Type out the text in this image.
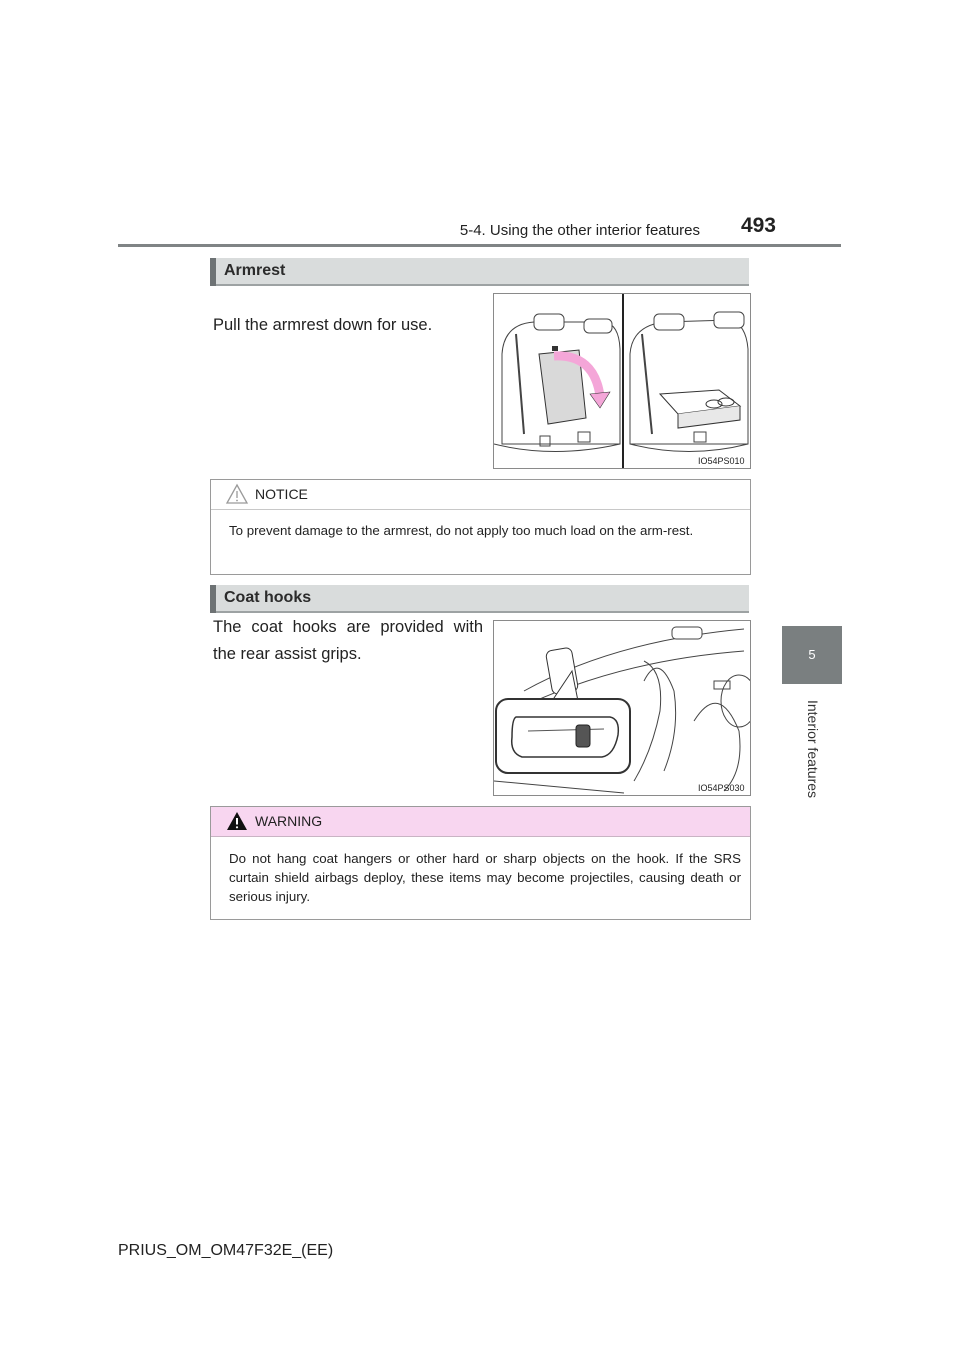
5-4. Using the other interior features	493
5
Interior features
Armrest
Pull the armrest down for use.
IO54PS010
NOTICE
To prevent damage to the armrest, do not apply too much load on the arm-rest.
Coat hooks
The coat hooks are provided with the rear assist grips.
IO54PS030
WARNING
Do not hang coat hangers or other hard or sharp objects on the hook. If the SRS curtain shield airbags deploy, these items may become projectiles, causing death or serious injury.
PRIUS_OM_OM47F32E_(EE)
